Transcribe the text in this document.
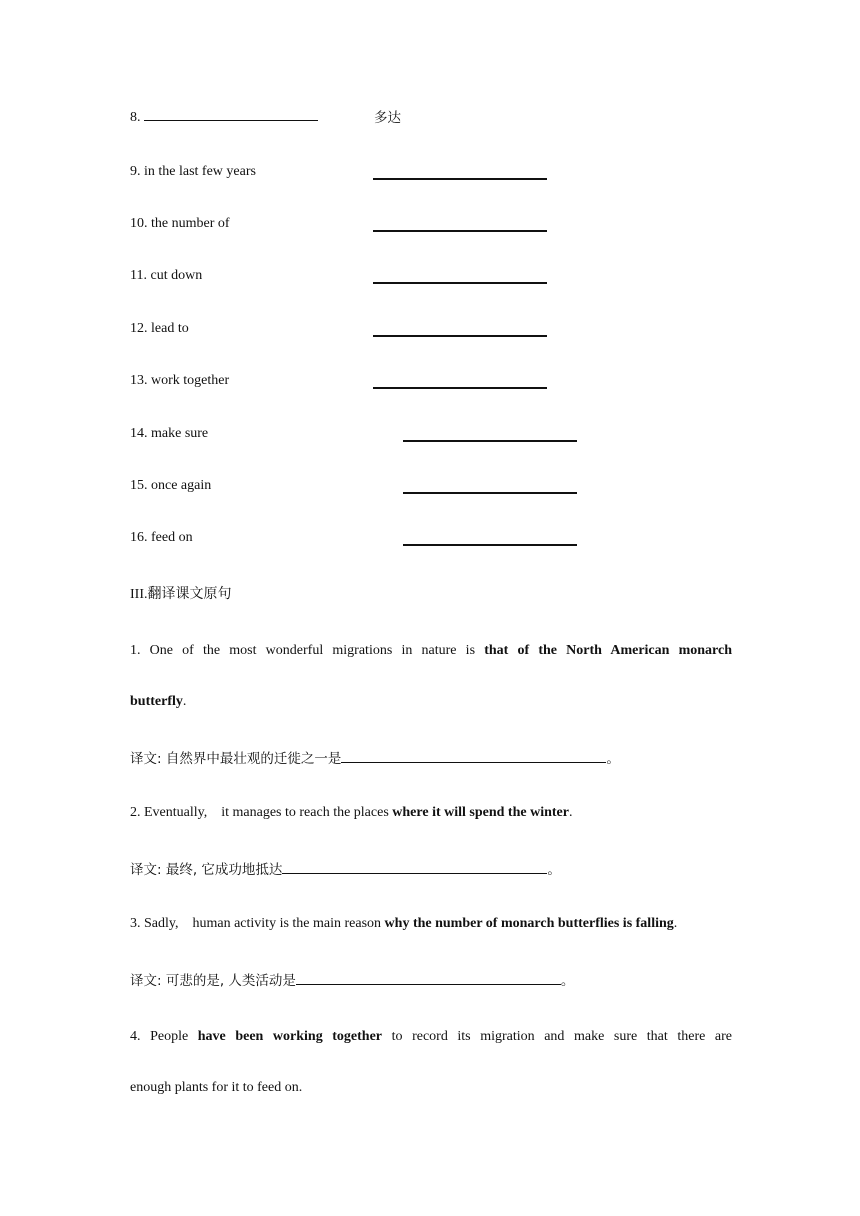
8.	多达
9. in the last few years
10. the number of
11. cut down
12. lead to
13. work together
14. make sure
15. once again
16. feed on
III.翻译课文原句
1. One of the most wonderful migrations in nature is that of the North American monarch
butterfly.
译文: 自然界中最壮观的迁徙之一是	。
2. Eventually,    it manages to reach the places where it will spend the winter.
译文: 最终, 它成功地抵达	。
3. Sadly,    human activity is the main reason why the number of monarch butterflies is falling.
译文: 可悲的是, 人类活动是	。
4. People have been working together to record its migration and make sure that there are
enough plants for it to feed on.
